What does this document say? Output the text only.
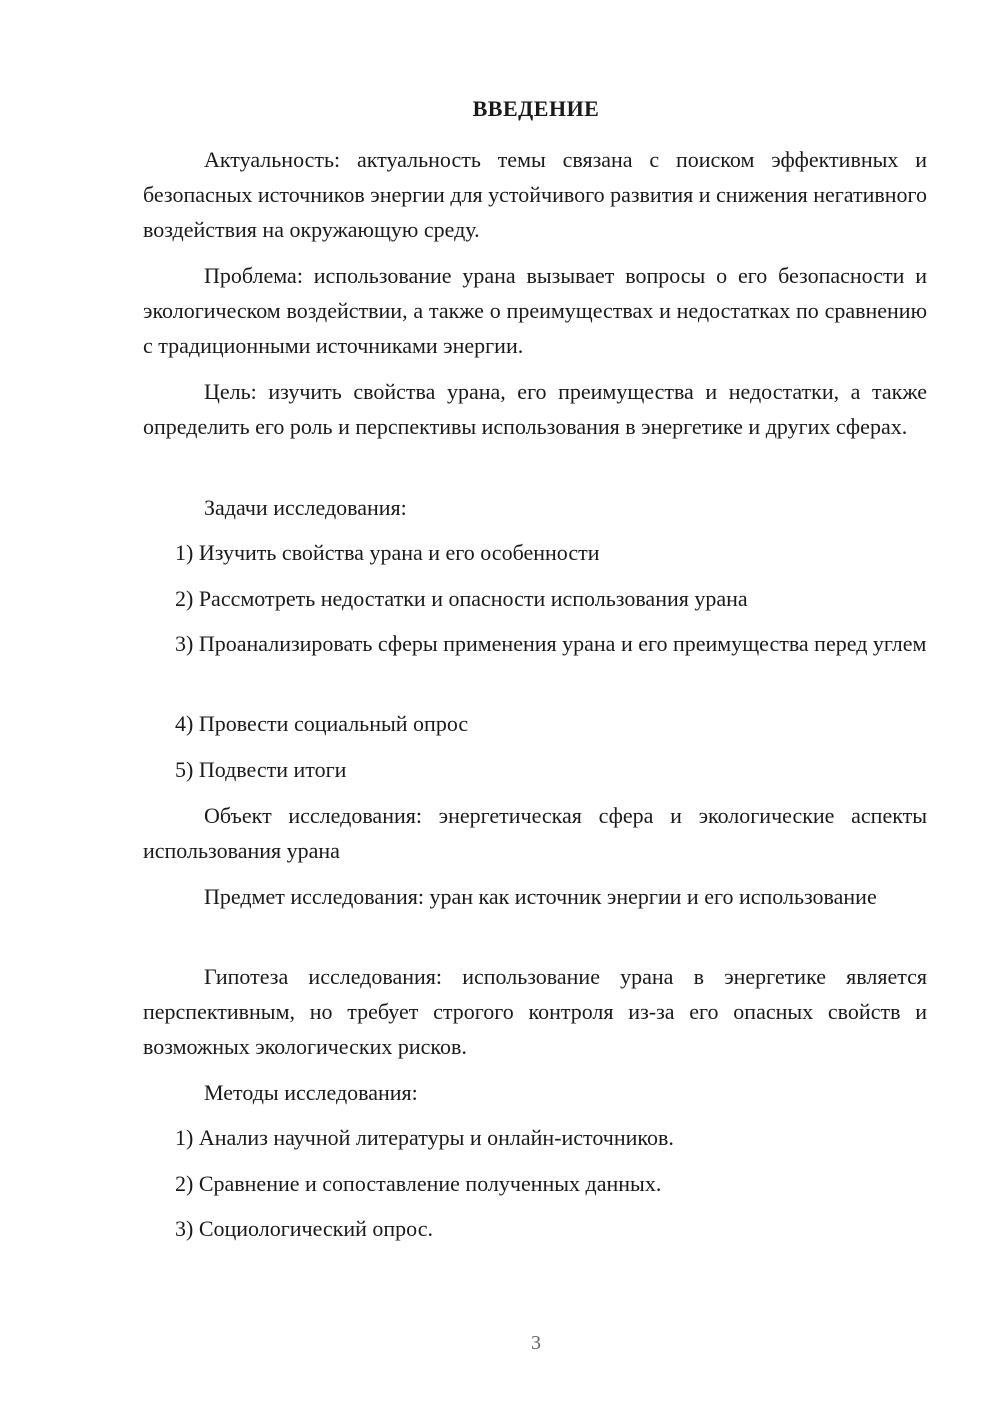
ВВЕДЕНИЕ
Актуальность: актуальность темы связана с поиском эффективных и безопасных источников энергии для устойчивого развития и снижения негативного воздействия на окружающую среду.
Проблема: использование урана вызывает вопросы о его безопасности и экологическом воздействии, а также о преимуществах и недостатках по сравнению с традиционными источниками энергии.
Цель: изучить свойства урана, его преимущества и недостатки, а также определить его роль и перспективы использования в энергетике и других сферах.
Задачи исследования:
1) Изучить свойства урана и его особенности
2) Рассмотреть недостатки и опасности использования урана
3) Проанализировать сферы применения урана и его преимущества перед углем
4) Провести социальный опрос
5) Подвести итоги
Объект исследования: энергетическая сфера и экологические аспекты использования урана
Предмет исследования: уран как источник энергии и его использование
Гипотеза исследования: использование урана в энергетике является перспективным, но требует строгого контроля из-за его опасных свойств и возможных экологических рисков.
Методы исследования:
1) Анализ научной литературы и онлайн-источников.
2) Сравнение и сопоставление полученных данных.
3) Социологический опрос.
3
